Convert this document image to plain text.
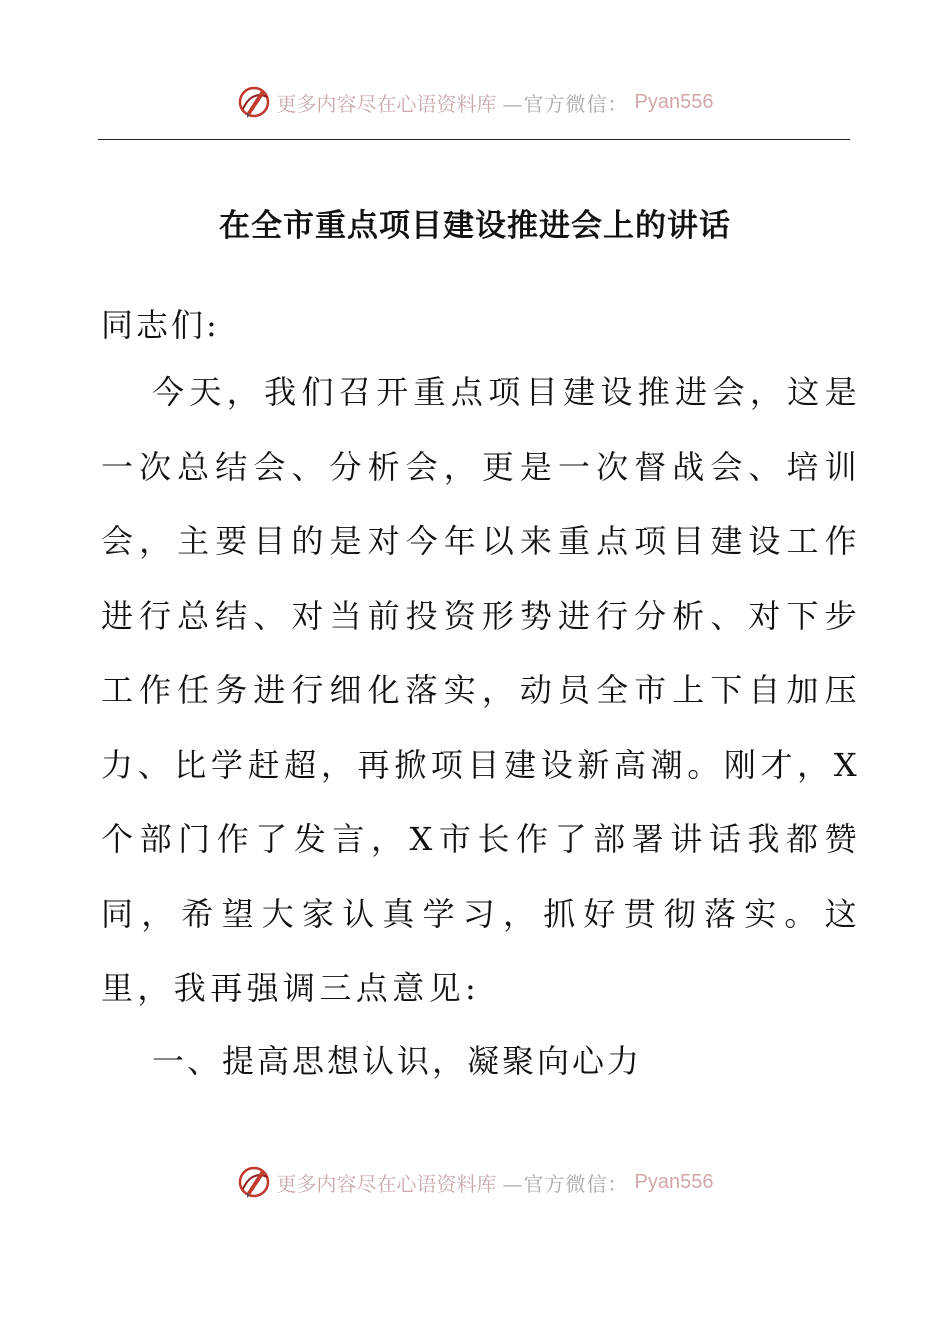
更多内容尽在心语资料库 —官方微信： Pyan556
在全市重点项目建设推进会上的讲话
同志们:
今天，我们召开重点项目建设推进会，这是一次总结会、分析会，更是一次督战会、培训会，主要目的是对今年以来重点项目建设工作进行总结、对当前投资形势进行分析、对下步工作任务进行细化落实，动员全市上下自加压力、比学赶超，再掀项目建设新高潮。刚才，X个部门作了发言，X市长作了部署讲话我都赞同，希望大家认真学习，抓好贯彻落实。这里，我再强调三点意见:
一、提高思想认识，凝聚向心力
更多内容尽在心语资料库 —官方微信： Pyan556
